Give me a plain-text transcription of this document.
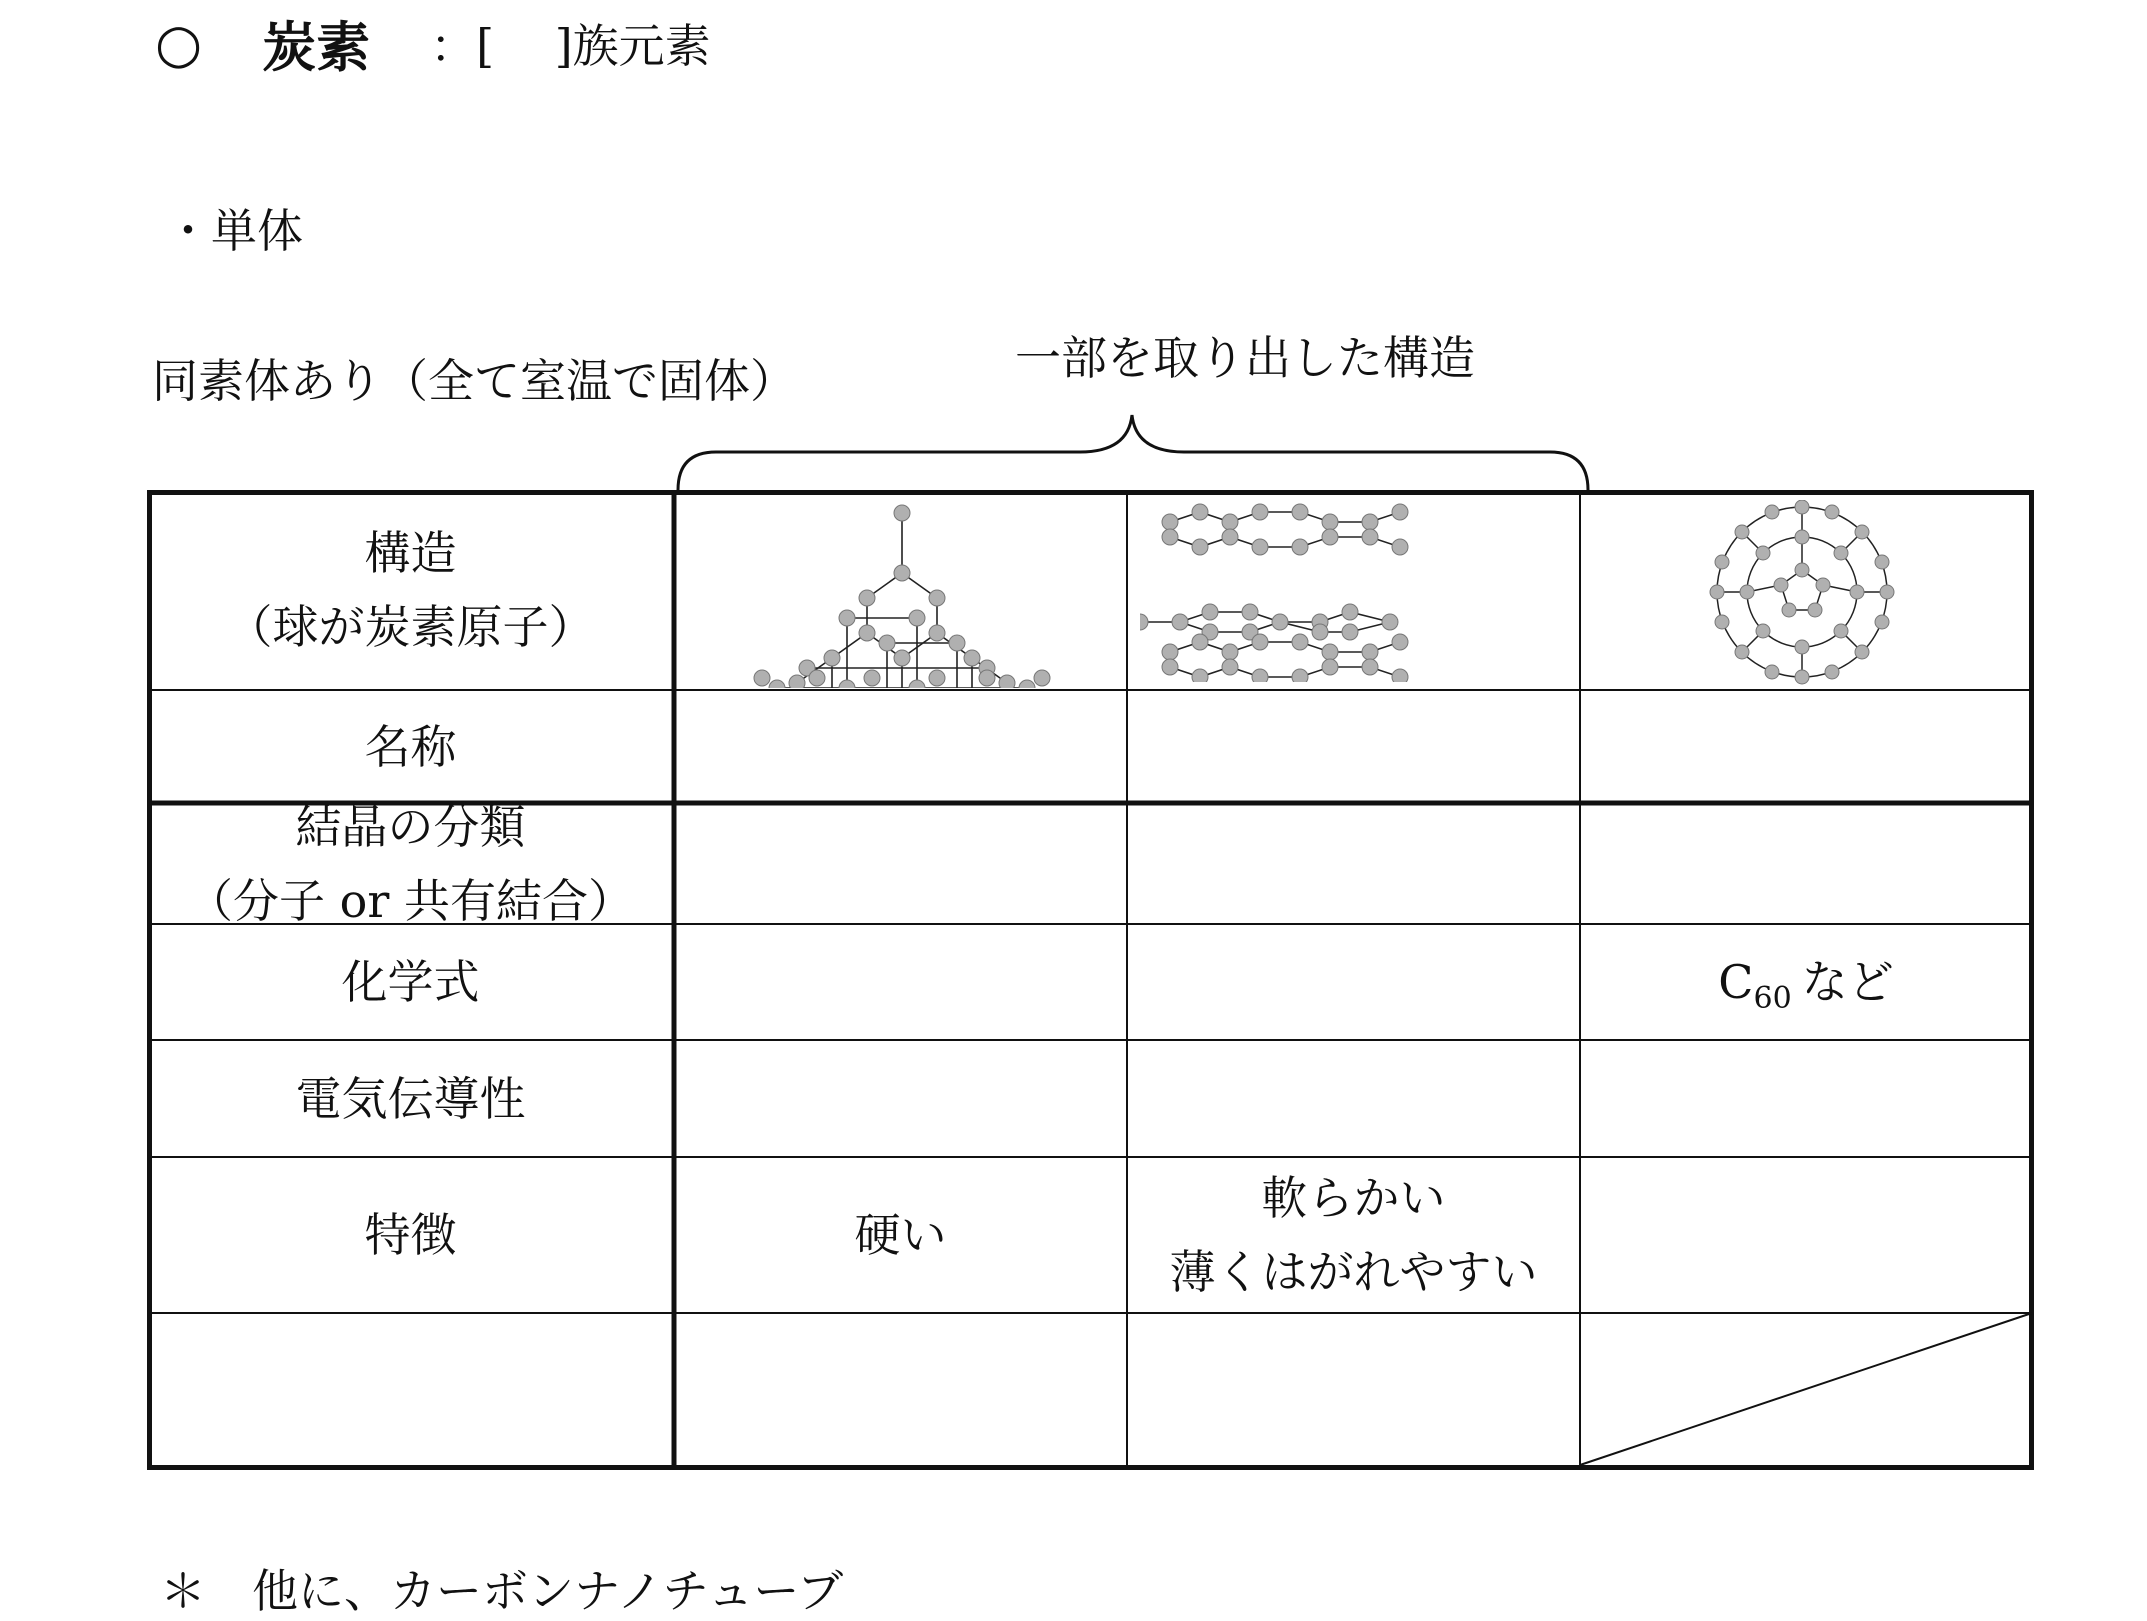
○ 炭素 ：[　 ]族元素
・単体
同素体あり（全て室温で固体）	一部を取り出した構造
構造
（球が炭素原子）
名称
結晶の分類
（分子 or 共有結合）
化学式
電気伝導性
特徴
C 60 など
硬い
軟らかい
薄くはがれやすい
＊　他に、カーボンナノチューブ
